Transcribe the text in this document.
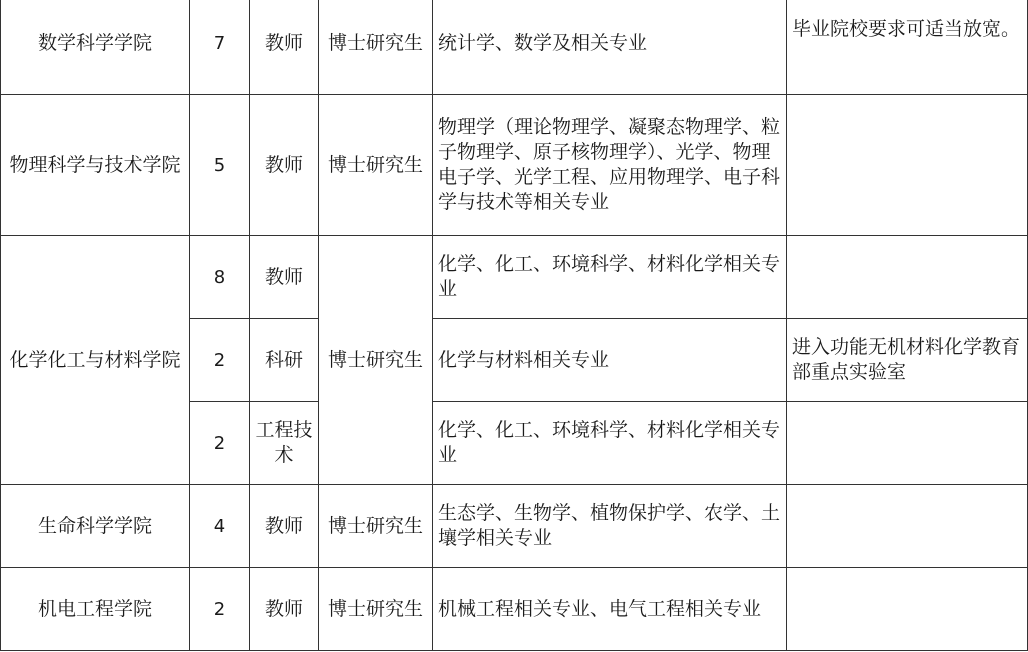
数学科学学院	7	教师	博士研究生	统计学、数学及相关专业	毕业院校要求可适当放宽。
物理科学与技术学院	5	教师	博士研究生	物理学（理论物理学、凝聚态物理学、粒子物理学、原子核物理学）、光学、物理电子学、光学工程、应用物理学、电子科学与技术等相关专业	
化学化工与材料学院	8	教师	博士研究生	化学、化工、环境科学、材料化学相关专业	
	2	科研		化学与材料相关专业	进入功能无机材料化学教育部重点实验室
	2	工程技术		化学、化工、环境科学、材料化学相关专业	
生命科学学院	4	教师	博士研究生	生态学、生物学、植物保护学、农学、土壤学相关专业	
机电工程学院	2	教师	博士研究生	机械工程相关专业、电气工程相关专业	
